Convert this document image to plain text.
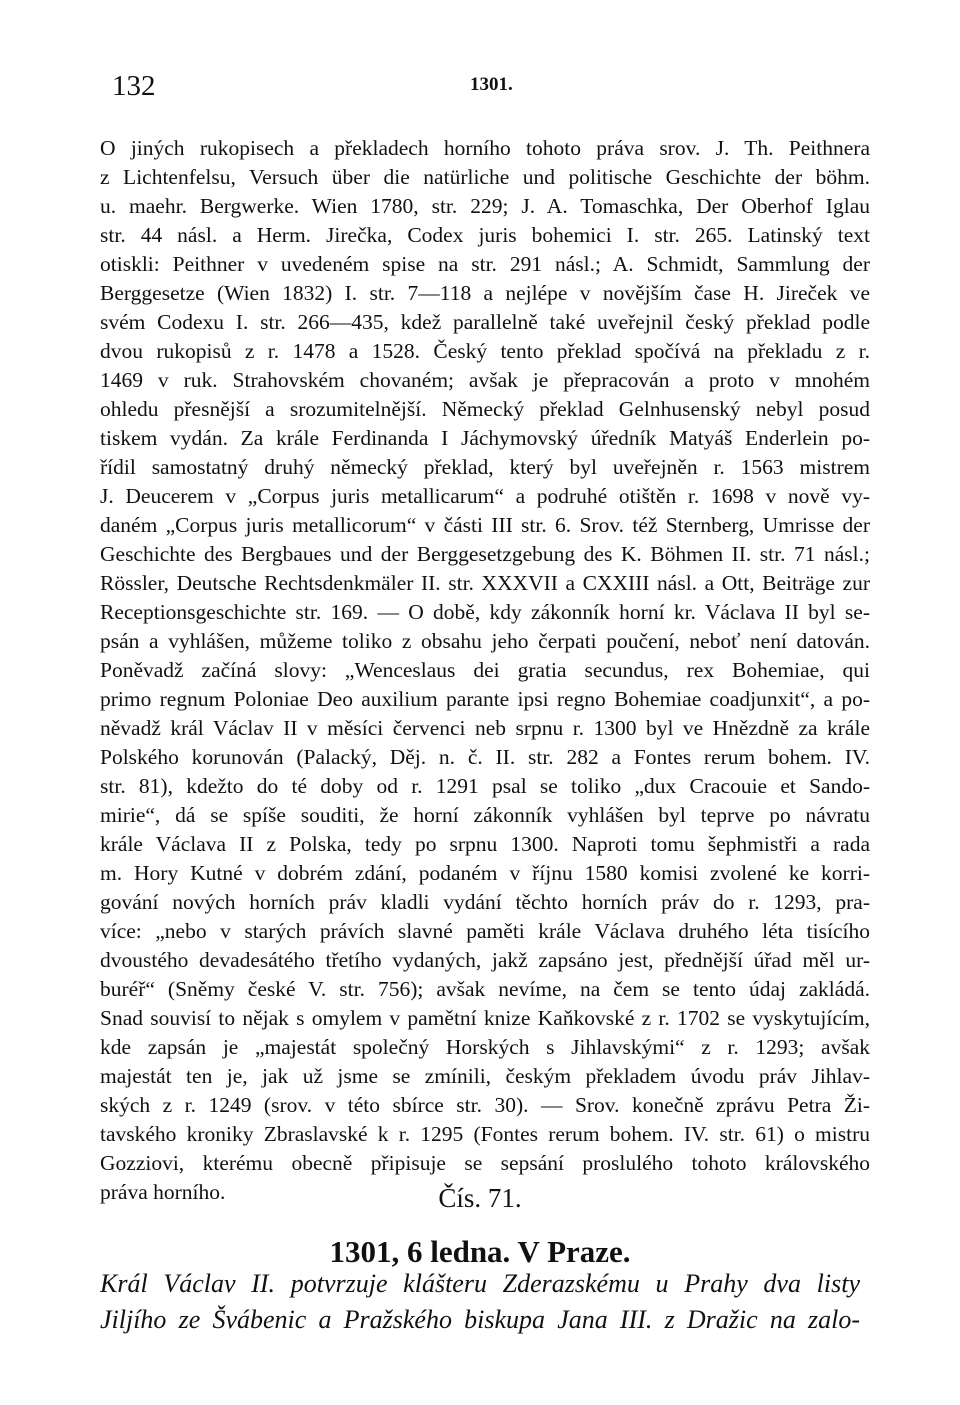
132	1301.
O jiných rukopisech a překladech horního tohoto práva srov. J. Th. Peithnera
z Lichtenfelsu, Versuch über die natürliche und politische Geschichte der böhm.
u. maehr. Bergwerke. Wien 1780, str. 229; J. A. Tomaschka, Der Oberhof Iglau
str. 44 násl. a Herm. Jirečka, Codex juris bohemici I. str. 265. Latinský text
otiskli: Peithner v uvedeném spise na str. 291 násl.; A. Schmidt, Sammlung der
Berggesetze (Wien 1832) I. str. 7—118 a nejlépe v novějším čase H. Jireček ve
svém Codexu I. str. 266—435, kdež parallelně také uveřejnil český překlad podle
dvou rukopisů z r. 1478 a 1528. Český tento překlad spočívá na překladu z r.
1469 v ruk. Strahovském chovaném; avšak je přepracován a proto v mnohém
ohledu přesnější a srozumitelnější. Německý překlad Gelnhusenský nebyl posud
tiskem vydán. Za krále Ferdinanda I Jáchymovský úředník Matyáš Enderlein po-
řídil samostatný druhý německý překlad, který byl uveřejněn r. 1563 mistrem
J. Deucerem v „Corpus juris metallicarum“ a podruhé otištěn r. 1698 v nově vy-
daném „Corpus juris metallicorum“ v části III str. 6. Srov. též Sternberg, Umrisse der
Geschichte des Bergbaues und der Berggesetzgebung des K. Böhmen II. str. 71 násl.;
Rössler, Deutsche Rechtsdenkmäler II. str. XXXVII a CXXIII násl. a Ott, Beiträge zur
Receptionsgeschichte str. 169. — O době, kdy zákonník horní kr. Václava II byl se-
psán a vyhlášen, můžeme toliko z obsahu jeho čerpati poučení, neboť není datován.
Poněvadž začíná slovy: „Wenceslaus dei gratia secundus, rex Bohemiae, qui
primo regnum Poloniae Deo auxilium parante ipsi regno Bohemiae coadjunxit“, a po-
něvadž král Václav II v měsíci červenci neb srpnu r. 1300 byl ve Hnězdně za krále
Polského korunován (Palacký, Děj. n. č. II. str. 282 a Fontes rerum bohem. IV.
str. 81), kdežto do té doby od r. 1291 psal se toliko „dux Cracouie et Sando-
mirie“, dá se spíše souditi, že horní zákonník vyhlášen byl teprve po návratu
krále Václava II z Polska, tedy po srpnu 1300. Naproti tomu šephmistři a rada
m. Hory Kutné v dobrém zdání, podaném v říjnu 1580 komisi zvolené ke korri-
gování nových horních práv kladli vydání těchto horních práv do r. 1293, pra-
více: „nebo v starých právích slavné paměti krále Václava druhého léta tisícího
dvoustého devadesátého třetího vydaných, jakž zapsáno jest, přednější úřad měl ur-
buréř“ (Sněmy české V. str. 756); avšak nevíme, na čem se tento údaj zakládá.
Snad souvisí to nějak s omylem v pamětní knize Kaňkovské z r. 1702 se vyskytujícím,
kde zapsán je „majestát společný Horských s Jihlavskými“ z r. 1293; avšak
majestát ten je, jak už jsme se zmínili, českým překladem úvodu práv Jihlav-
ských z r. 1249 (srov. v této sbírce str. 30). — Srov. konečně zprávu Petra Ži-
tavského kroniky Zbraslavské k r. 1295 (Fontes rerum bohem. IV. str. 61) o mistru
Gozziovi, kterému obecně připisuje se sepsání proslulého tohoto královského
práva horního.	Čís. 71.
1301, 6 ledna. V Praze.
Král Václav II. potvrzuje klášteru Zderazskému u Prahy dva listy
Jiljího ze Švábenic a Pražského biskupa Jana III. z Dražic na zalo-
